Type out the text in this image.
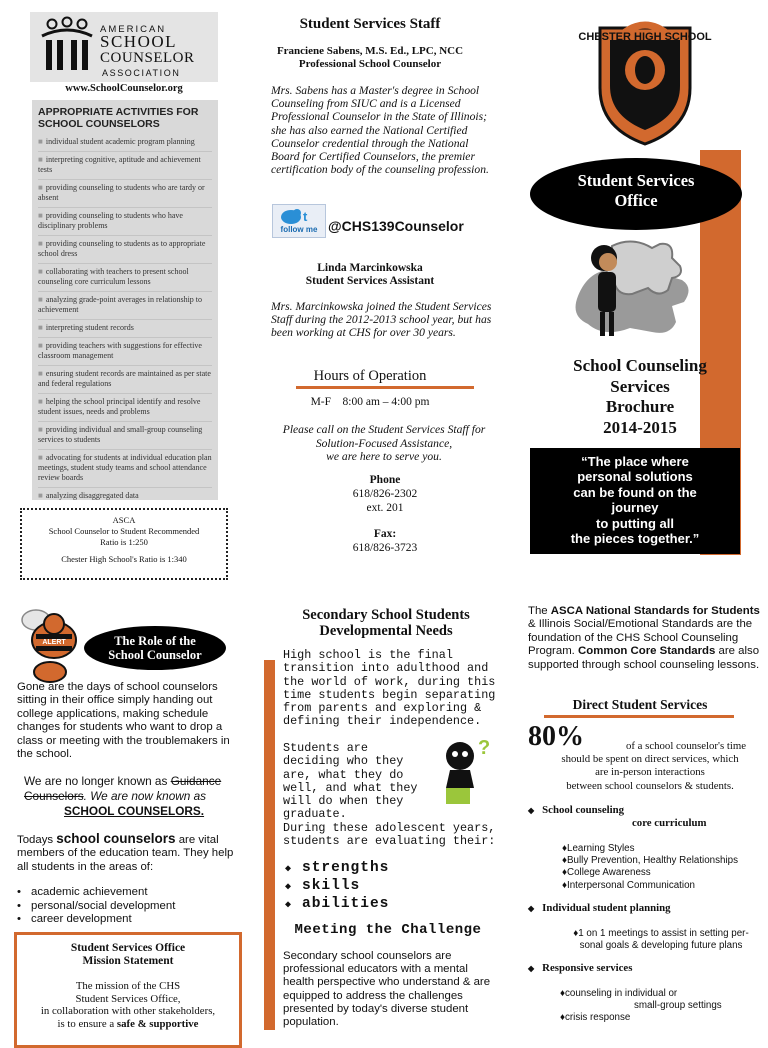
AMERICAN
SCHOOL
COUNSELOR
ASSOCIATION
www.SchoolCounselor.org
APPROPRIATE ACTIVITIES FOR SCHOOL COUNSELORS
■ individual student academic program planning
■ interpreting cognitive, aptitude and achievement tests
■ providing counseling to students who are tardy or absent
■ providing counseling to students who have disciplinary problems
■ providing counseling to students as to appropriate school dress
■ collaborating with teachers to present school counseling core curriculum lessons
■ analyzing grade-point averages in relationship to achievement
■ interpreting student records
■ providing teachers with suggestions for effective classroom management
■ ensuring student records are maintained as per state and federal regulations
■ helping the school principal identify and resolve student issues, needs and problems
■ providing individual and small-group counseling services to students
■ advocating for students at individual education plan meetings, student study teams and school attendance review boards
■ analyzing disaggregated data
ASCA
School Counselor to Student Recommended Ratio is 1:250
Chester High School's Ratio is 1:340
Student Services Staff
Franciene Sabens, M.S. Ed., LPC, NCC
Professional School Counselor
Mrs. Sabens has a Master's degree in School Counseling from SIUC and is a Licensed Professional Counselor in the State of Illinois; she has also earned the National Certified Counselor credential through the National Board for Certified Counselors, the premier certification body of the counseling profession.
t
follow me @CHS139Counselor
Linda Marcinkowska
Student Services Assistant
Mrs. Marcinkowska joined the Student Services Staff during the 2012-2013 school year, but has been working at CHS for over 30 years.
Hours of Operation
M-F    8:00 am – 4:00 pm
Please call on the Student Services Staff for
Solution-Focused Assistance,
we are here to serve you.
Phone
618/826-2302
ext. 201
Fax:
618/826-3723
CHESTER HIGH SCHOOL
Student Services
Office
School Counseling
Services
Brochure
2014-2015
“The place where
personal solutions
can be found on the
journey
to putting all
the pieces together.”
ALERT	The Role of the
School Counselor
Gone are the days of school counselors sitting in their office simply handing out college applications, making schedule changes for students who want to drop a class or meeting with the troublemakers in the school.
We are no longer known as Guidance Counselors. We are now known as
SCHOOL COUNSELORS.
Todays school counselors are vital members of the education team. They help all students in the areas of:
• academic achievement
• personal/social development
• career development
Student Services Office
Mission Statement
The mission of the CHS
Student Services Office,
in collaboration with other stakeholders,
is to ensure a safe & supportive
Secondary School Students
Developmental Needs
High school is the final transition into adulthood and the world of work, during this time students begin separating from parents and exploring & defining their independence.
Students are deciding who they are, what they do well, and what they will do when they graduate.
?
During these adolescent years, students are evaluating their:
◆ strengths
◆ skills
◆ abilities
Meeting the Challenge
Secondary school counselors are professional educators with a mental health perspective who understand & are equipped to address the challenges presented by today's diverse student population.
The ASCA National Standards for Students & Illinois Social/Emotional Standards are the foundation of the CHS School Counseling Program. Common Core Standards are also supported through school counseling lessons.
Direct Student Services
80%	of a school counselor's time
should be spent on direct services, which
are in-person interactions
between school counselors & students.
◆ School counseling
core curriculum
♦Learning Styles
♦Bully Prevention, Healthy Relationships
♦College Awareness
♦Interpersonal Communication
◆ Individual student planning
♦1 on 1 meetings to assist in setting per-
sonal goals & developing future plans
◆ Responsive services
♦counseling in individual or
small-group settings
♦crisis response
